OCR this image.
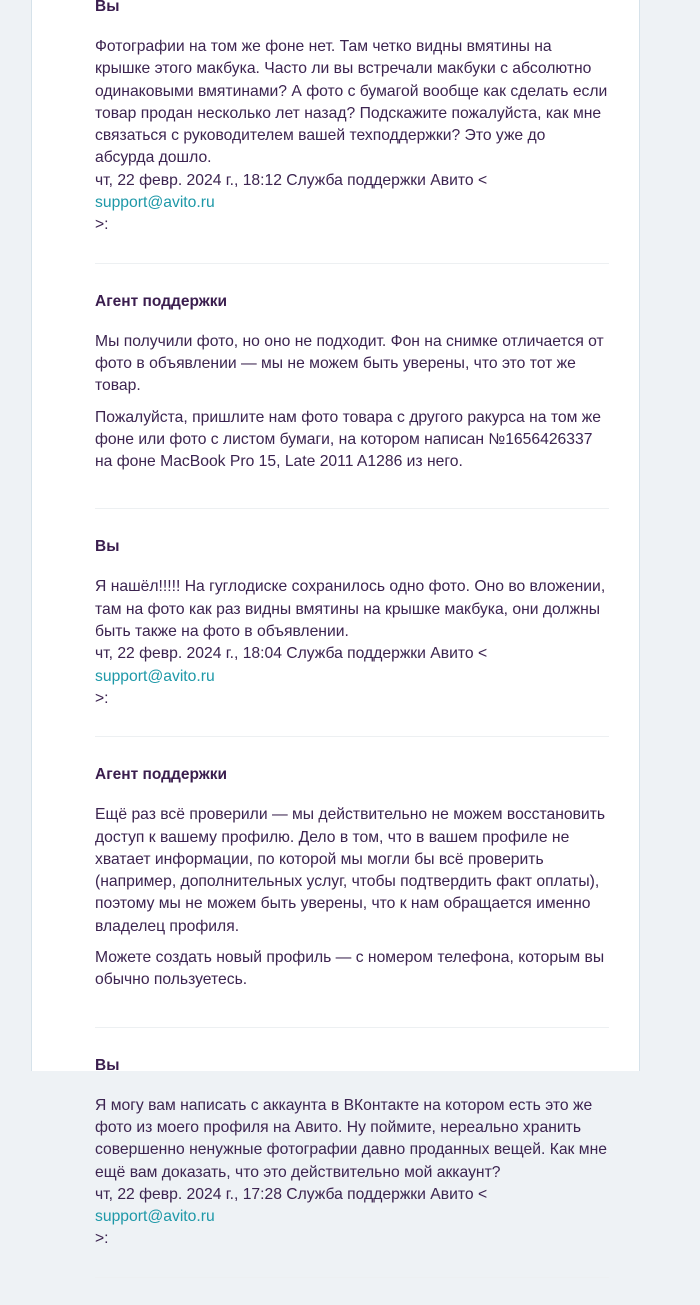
Вы
Фотографии на том же фоне нет. Там четко видны вмятины на крышке этого макбука. Часто ли вы встречали макбуки с абсолютно одинаковыми вмятинами? А фото с бумагой вообще как сделать если товар продан несколько лет назад? Подскажите пожалуйста, как мне связаться с руководителем вашей техподдержки? Это уже до абсурда дошло.
чт, 22 февр. 2024 г., 18:12 Служба поддержки Авито < support@avito.ru
>:
Агент поддержки
Мы получили фото, но оно не подходит. Фон на снимке отличается от фото в объявлении — мы не можем быть уверены, что это тот же товар.
Пожалуйста, пришлите нам фото товара с другого ракурса на том же фоне или фото с листом бумаги, на котором написан №1656426337 на фоне MacBook Pro 15, Late 2011 A1286 из него.
Вы
Я нашёл!!!!! На гуглодиске сохранилось одно фото. Оно во вложении, там на фото как раз видны вмятины на крышке макбука, они должны быть также на фото в объявлении.
чт, 22 февр. 2024 г., 18:04 Служба поддержки Авито < support@avito.ru
>:
Агент поддержки
Ещё раз всё проверили — мы действительно не можем восстановить доступ к вашему профилю. Дело в том, что в вашем профиле не хватает информации, по которой мы могли бы всё проверить (например, дополнительных услуг, чтобы подтвердить факт оплаты), поэтому мы не можем быть уверены, что к нам обращается именно владелец профиля.
Можете создать новый профиль — с номером телефона, которым вы обычно пользуетесь.
Вы
Я могу вам написать с аккаунта в ВКонтакте на котором есть это же фото из моего профиля на Авито. Ну поймите, нереально хранить совершенно ненужные фотографии давно проданных вещей. Как мне ещё вам доказать, что это действительно мой аккаунт?
чт, 22 февр. 2024 г., 17:28 Служба поддержки Авито < support@avito.ru
>:
